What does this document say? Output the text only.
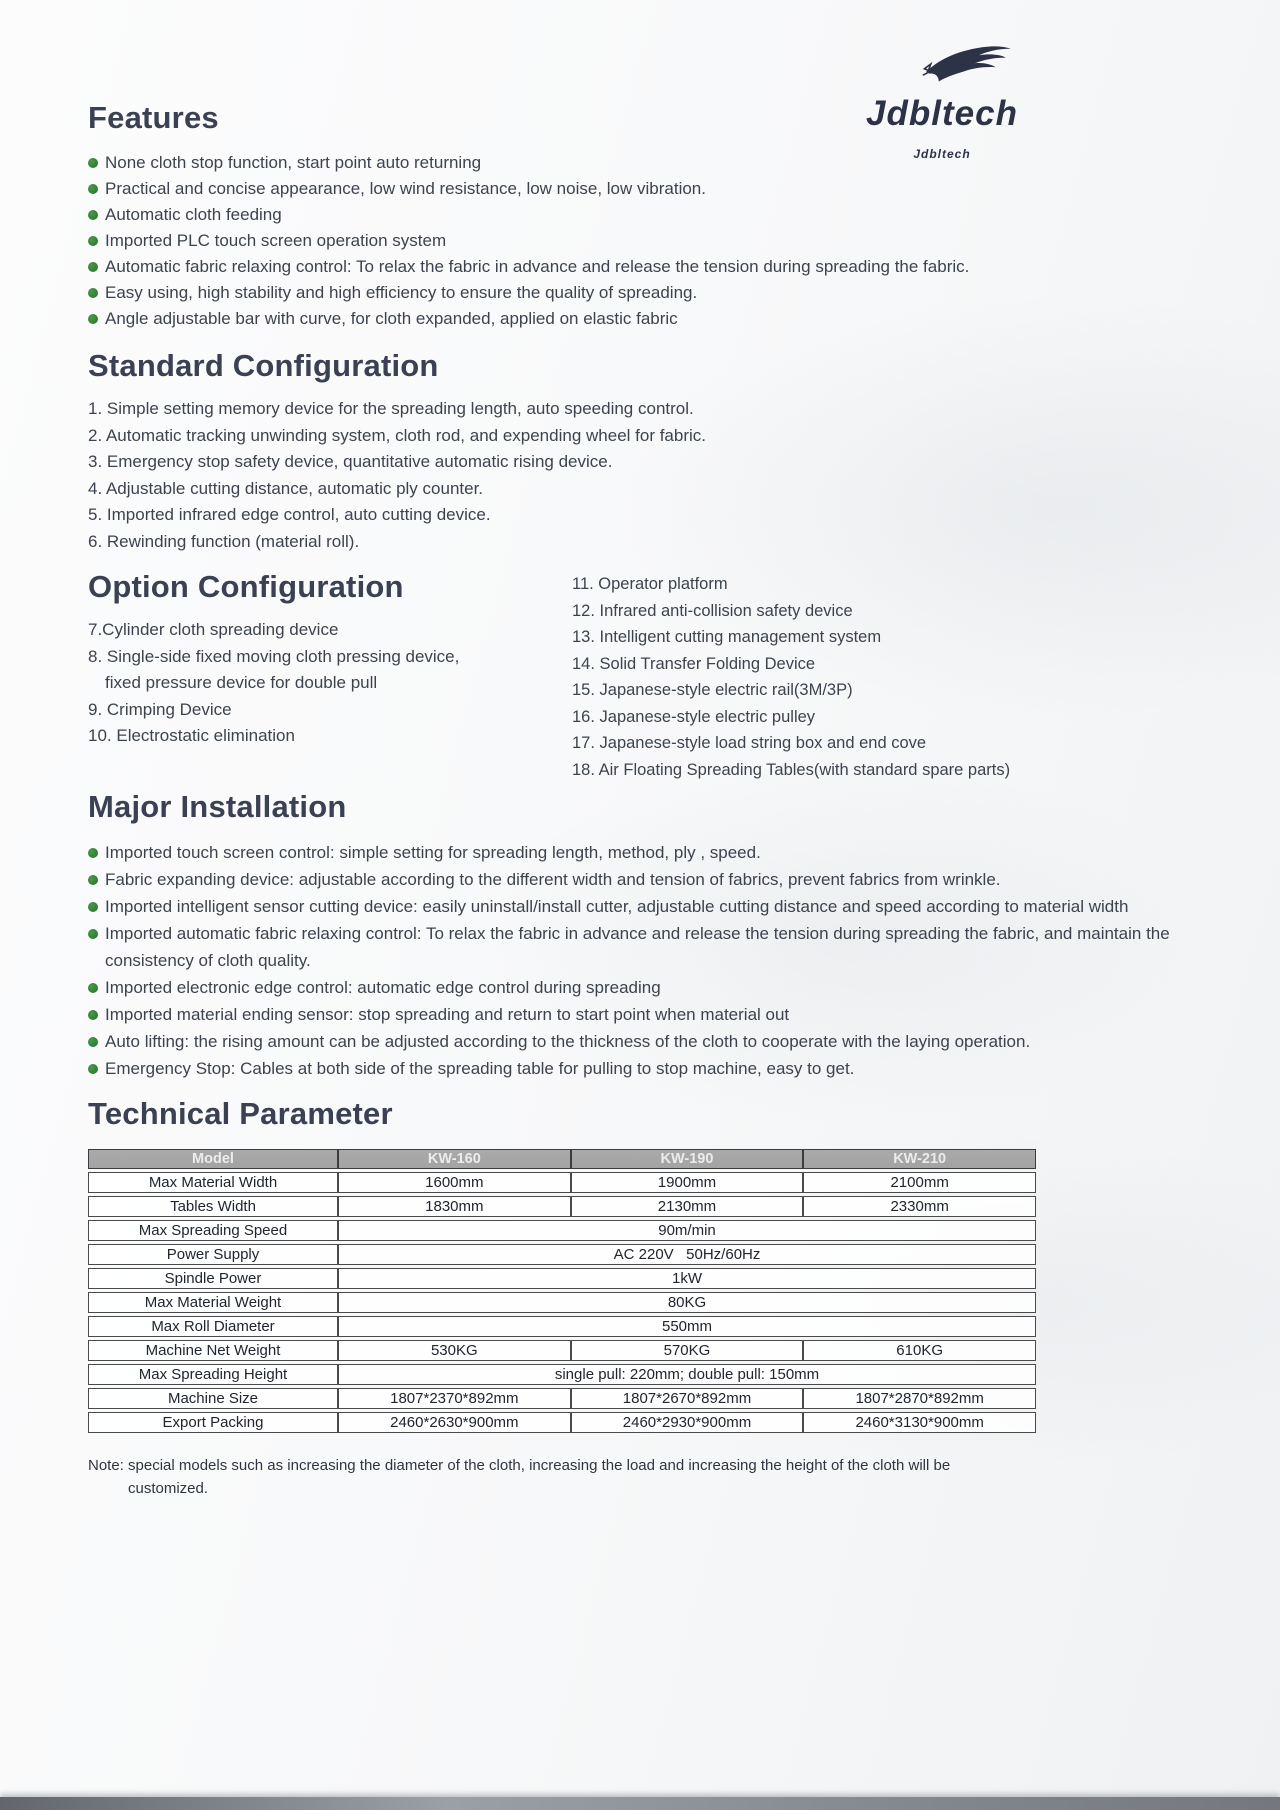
Jdbltech
Jdbltech
Features
None cloth stop function, start point auto returning
Practical and concise appearance, low wind resistance, low noise, low vibration.
Automatic cloth feeding
Imported PLC touch screen operation system
Automatic fabric relaxing control: To relax the fabric in advance and release the tension during spreading the fabric.
Easy using, high stability and high efficiency to ensure the quality of spreading.
Angle adjustable bar with curve, for cloth expanded, applied on elastic fabric
Standard Configuration
1. Simple setting memory device for the spreading length, auto speeding control.
2. Automatic tracking unwinding system, cloth rod, and expending wheel for fabric.
3. Emergency stop safety device, quantitative automatic rising device.
4. Adjustable cutting distance, automatic ply counter.
5. Imported infrared edge control, auto cutting device.
6. Rewinding function (material roll).
Option Configuration
7.Cylinder cloth spreading device
8. Single-side fixed moving cloth pressing device,
fixed pressure device for double pull
9. Crimping Device
10. Electrostatic elimination
11. Operator platform
12. Infrared anti-collision safety device
13. Intelligent cutting management system
14. Solid Transfer Folding Device
15. Japanese-style electric rail(3M/3P)
16. Japanese-style electric pulley
17. Japanese-style load string box and end cove
18. Air Floating Spreading Tables(with standard spare parts)
Major Installation
Imported touch screen control: simple setting for spreading length, method, ply , speed.
Fabric expanding device: adjustable according to the different width and tension of fabrics, prevent fabrics from wrinkle.
Imported intelligent sensor cutting device: easily uninstall/install cutter, adjustable cutting distance and speed according to material width
Imported automatic fabric relaxing control: To relax the fabric in advance and release the tension during spreading the fabric, and maintain the consistency of cloth quality.
Imported electronic edge control: automatic edge control during spreading
Imported material ending sensor: stop spreading and return to start point when material out
Auto lifting: the rising amount can be adjusted according to the thickness of the cloth to cooperate with the laying operation.
Emergency Stop: Cables at both side of the spreading table for pulling to stop machine, easy to get.
Technical Parameter
Model	KW-160	KW-190	KW-210
Max Material Width	1600mm	1900mm	2100mm
Tables Width	1830mm	2130mm	2330mm
Max Spreading Speed	90m/min		
Power Supply	AC 220V   50Hz/60Hz		
Spindle Power	1kW		
Max Material Weight	80KG		
Max Roll Diameter	550mm		
Machine Net Weight	530KG	570KG	610KG
Max Spreading Height	single pull: 220mm; double pull: 150mm		
Machine Size	1807*2370*892mm	1807*2670*892mm	1807*2870*892mm
Export Packing	2460*2630*900mm	2460*2930*900mm	2460*3130*900mm
Note: special models such as increasing the diameter of the cloth, increasing the load and increasing the height of the cloth will be
customized.
